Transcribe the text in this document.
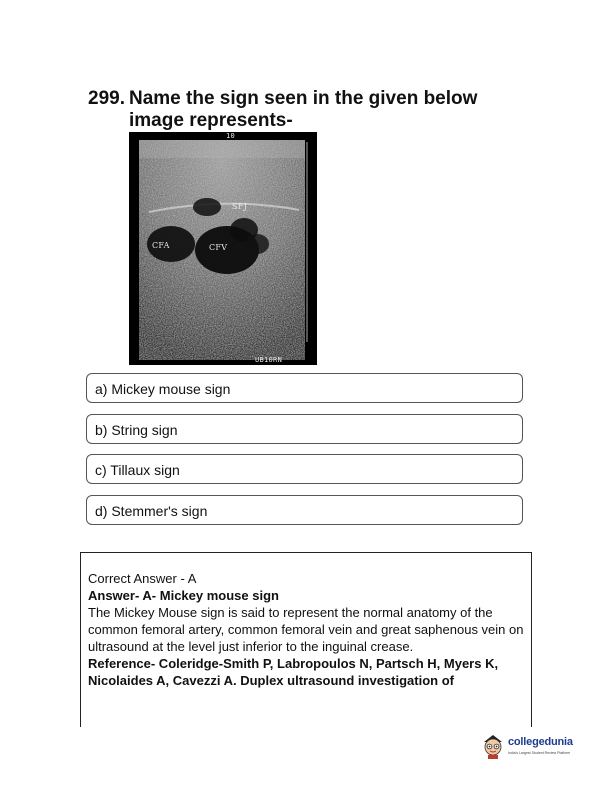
299. Name the sign seen in the given below image represents-
10
SFJ
CFA	CFV
UB10RN
a) Mickey mouse sign
b) String sign
c) Tillaux sign
d) Stemmer's sign
Correct Answer - A
Answer- A- Mickey mouse sign
The Mickey Mouse sign is said to represent the normal anatomy of the common femoral artery, common femoral vein and great saphenous vein on ultrasound at the level just inferior to the inguinal crease.
Reference- Coleridge-Smith P, Labropoulos N, Partsch H, Myers K, Nicolaides A, Cavezzi A. Duplex ultrasound investigation of
collegedunia
India's Largest Student Review Platform
